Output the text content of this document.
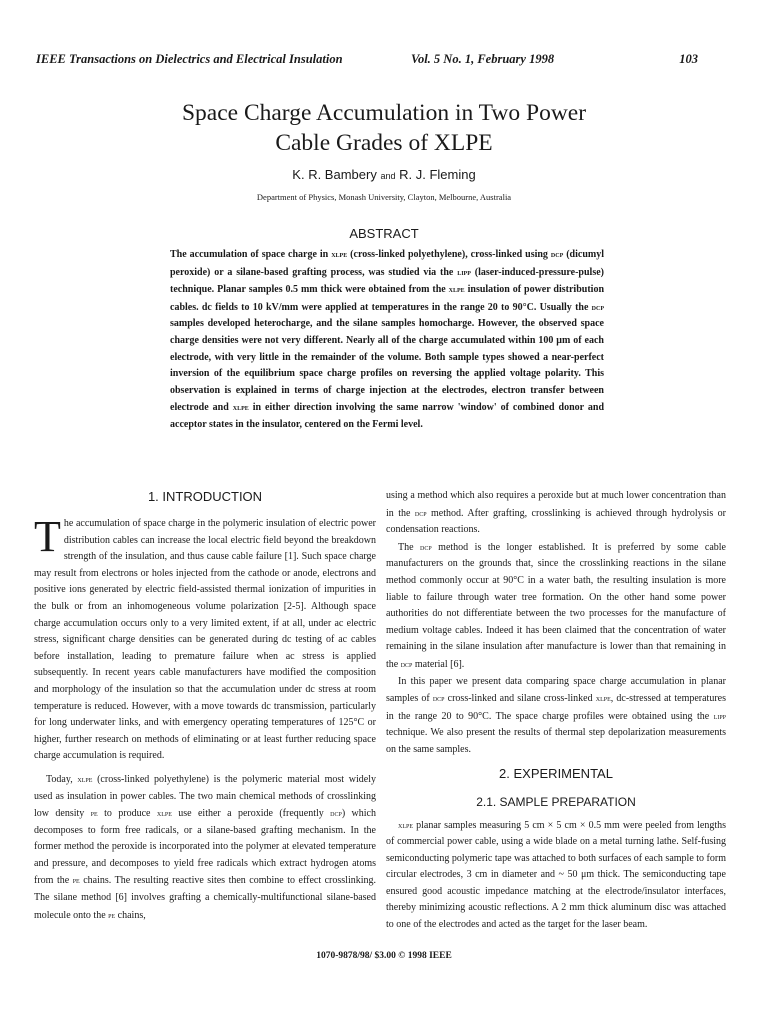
IEEE Transactions on Dielectrics and Electrical Insulation	Vol. 5 No. 1, February 1998	103
Space Charge Accumulation in Two Power
Cable Grades of XLPE
K. R. Bambery and R. J. Fleming
Department of Physics, Monash University, Clayton, Melbourne, Australia
ABSTRACT

The accumulation of space charge in xlpe (cross-linked polyethylene), cross-linked using dcp (dicumyl peroxide) or a silane-based grafting process, was studied via the lipp (laser-induced-pressure-pulse) technique. Planar samples 0.5 mm thick were obtained from the xlpe insulation of power distribution cables. dc fields to 10 kV/mm were applied at temperatures in the range 20 to 90°C. Usually the dcp samples developed heterocharge, and the silane samples homocharge. However, the observed space charge densities were not very different. Nearly all of the charge accumulated within 100 μm of each electrode, with very little in the remainder of the volume. Both sample types showed a near-perfect inversion of the equilibrium space charge profiles on reversing the applied voltage polarity. This observation is explained in terms of charge injection at the electrodes, electron transfer between electrode and xlpe in either direction involving the same narrow 'window' of combined donor and acceptor states in the insulator, centered on the Fermi level.

1. INTRODUCTION

The accumulation of space charge in the polymeric insulation of electric power distribution cables can increase the local electric field beyond the breakdown strength of the insulation, and thus cause cable failure [1]. Such space charge may result from electrons or holes injected from the cathode or anode, electrons and positive ions generated by electric field-assisted thermal ionization of impurities in the bulk or from an inhomogeneous volume polarization [2-5]. Although space charge accumulation occurs only to a very limited extent, if at all, under ac electric stress, significant charge densities can be generated during dc testing of ac cables before installation, leading to premature failure when ac stress is applied subsequently. In recent years cable manufacturers have modified the composition and morphology of the insulation so that the accumulation under dc stress at room temperature is reduced. However, with a move towards dc transmission, particularly for long underwater links, and with emergency operating temperatures of 125°C or higher, further research on methods of eliminating or at least further reducing space charge accumulation is required.

Today, xlpe (cross-linked polyethylene) is the polymeric material most widely used as insulation in power cables. The two main chemical methods of crosslinking low density pe to produce xlpe use either a peroxide (frequently dcp) which decomposes to form free radicals, or a silane-based grafting mechanism. In the former method the peroxide is incorporated into the polymer at elevated temperature and pressure, and decomposes to yield free radicals which extract hydrogen atoms from the pe chains. The resulting reactive sites then combine to effect crosslinking. The silane method [6] involves grafting a chemically-multifunctional silane-based molecule onto the pe chains,

using a method which also requires a peroxide but at much lower concentration than in the dcp method. After grafting, crosslinking is achieved through hydrolysis or condensation reactions.

The dcp method is the longer established. It is preferred by some cable manufacturers on the grounds that, since the crosslinking reactions in the silane method commonly occur at 90°C in a water bath, the resulting insulation is more liable to failure through water tree formation. On the other hand some power authorities do not differentiate between the two processes for the manufacture of medium voltage cables. Indeed it has been claimed that the concentration of water remaining in the silane insulation after manufacture is lower than that remaining in the dcp material [6].

In this paper we present data comparing space charge accumulation in planar samples of dcp cross-linked and silane cross-linked xlpe, dc-stressed at temperatures in the range 20 to 90°C. The space charge profiles were obtained using the lipp technique. We also present the results of thermal step depolarization measurements on the same samples.

2. EXPERIMENTAL
2.1. SAMPLE PREPARATION

xlpe planar samples measuring 5 cm × 5 cm × 0.5 mm were peeled from lengths of commercial power cable, using a wide blade on a metal turning lathe. Self-fusing semiconducting polymeric tape was attached to both surfaces of each sample to form circular electrodes, 3 cm in diameter and ~ 50 μm thick. The semiconducting tape ensured good acoustic impedance matching at the electrode/insulator interfaces, thereby minimizing acoustic reflections. A 2 mm thick aluminum disc was attached to one of the electrodes and acted as the target for the laser beam.

1070-9878/98/ $3.00 © 1998 IEEE
